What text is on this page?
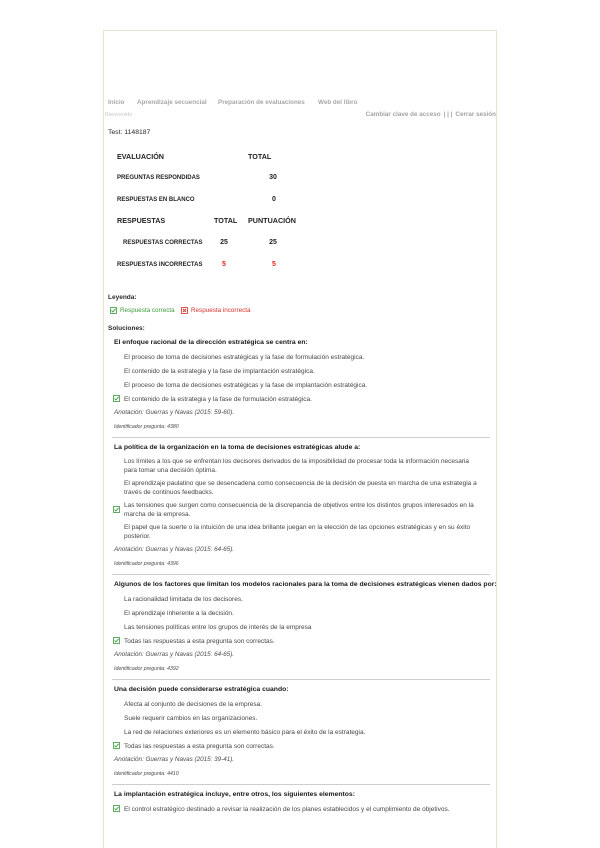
Inicio Aprendizaje secuencial Preparación de evaluaciones Web del libro
Bienvenido	Cambiar clave de acceso | | | Cerrar sesión
Test: 1148187
EVALUACIÓN	TOTAL
PREGUNTAS RESPONDIDAS	30
RESPUESTAS EN BLANCO	0
RESPUESTAS	TOTAL PUNTUACIÓN
RESPUESTAS CORRECTAS	25	25
RESPUESTAS INCORRECTAS	5	5
Leyenda:
Respuesta correcta	Respuesta incorrecta
Soluciones:
El enfoque racional de la dirección estratégica se centra en:
El proceso de toma de decisiones estratégicas y la fase de formulación estratégica.
El contenido de la estrategia y la fase de implantación estratégica.
El proceso de toma de decisiones estratégicas y la fase de implantación estratégica.
El contenido de la estrategia y la fase de formulación estratégica.
Anotación: Guerras y Navas (2015: 59-60).
Identificador pregunta: 4380
La política de la organización en la toma de decisiones estratégicas alude a:
Los límites a los que se enfrentan los decisores derivados de la imposibilidad de procesar toda la información necesaria para tomar una decisión óptima.
El aprendizaje paulatino que se desencadena como consecuencia de la decisión de puesta en marcha de una estrategia a través de continuos feedbacks.
Las tensiones que surgen como consecuencia de la discrepancia de objetivos entre los distintos grupos interesados en la marcha de la empresa.
El papel que la suerte o la intuición de una idea brillante juegan en la elección de las opciones estratégicas y en su éxito posterior.
Anotación: Guerras y Navas (2015: 64-65).
Identificador pregunta: 4396
Algunos de los factores que limitan los modelos racionales para la toma de decisiones estratégicas vienen dados por:
La racionalidad limitada de los decisores.
El aprendizaje inherente a la decisión.
Las tensiones políticas entre los grupos de interés de la empresa
Todas las respuestas a esta pregunta son correctas.
Anotación: Guerras y Navas (2015: 64-65).
Identificador pregunta: 4392
Una decisión puede considerarse estratégica cuando:
Afecta al conjunto de decisiones de la empresa.
Suele requerir cambios en las organizaciones.
La red de relaciones exteriores es un elemento básico para el éxito de la estrategia.
Todas las respuestas a esta pregunta son correctas.
Anotación: Guerras y Navas (2015: 39-41).
Identificador pregunta: 4410
La implantación estratégica incluye, entre otros, los siguientes elementos:
El control estratégico destinado a revisar la realización de los planes establecidos y el cumplimiento de objetivos.
